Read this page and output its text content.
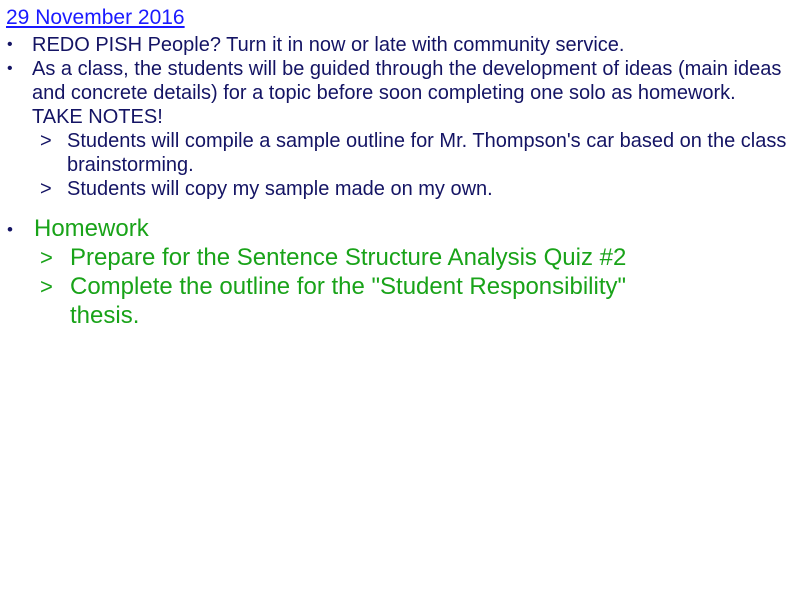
29 November 2016
• REDO PISH People? Turn it in now or late with community service.
• As a class, the students will be guided through the development of ideas (main ideas and concrete details) for a topic before soon completing one solo as homework. TAKE NOTES!
> Students will compile a sample outline for Mr. Thompson's car based on the class brainstorming.
> Students will copy my sample made on my own.
• Homework
> Prepare for the Sentence Structure Analysis Quiz #2
> Complete the outline for the "Student Responsibility" thesis.
